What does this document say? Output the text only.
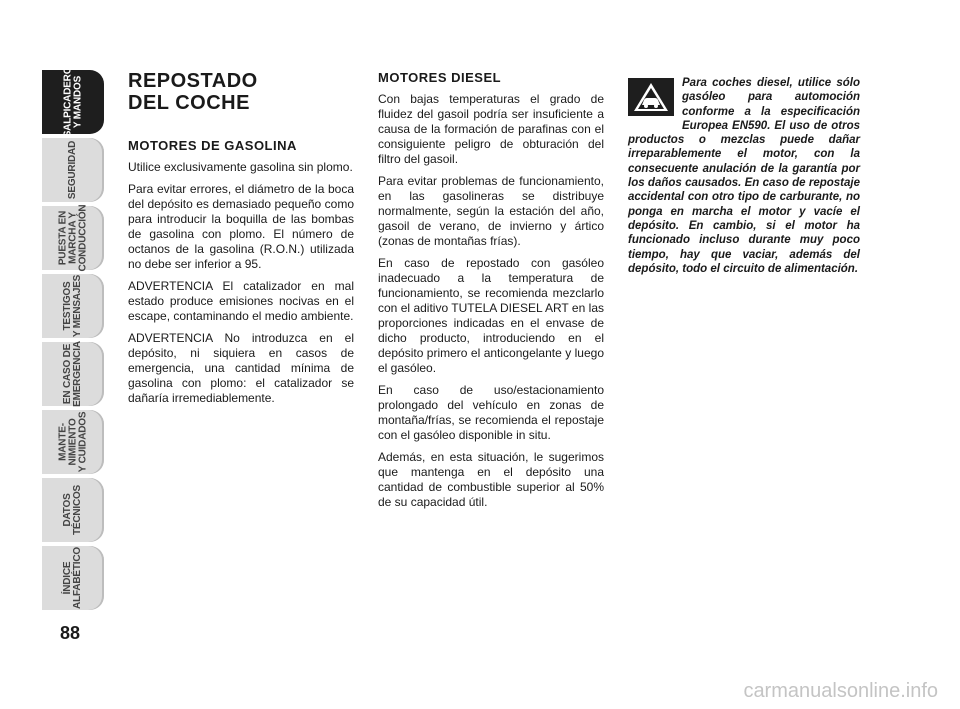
SALPICADERO
Y MANDOS
SEGURIDAD
PUESTA EN
MARCHA Y
CONDUCCIÓN
TESTIGOS
Y MENSAJES
EN CASO DE
EMERGENCIA
MANTE-
NIMIENTO
Y CUIDADOS
DATOS
TÉCNICOS
ÍNDICE
ALFABÉTICO
88
REPOSTADO
DEL COCHE
MOTORES DE GASOLINA

Utilice exclusivamente gasolina sin plomo.

Para evitar errores, el diámetro de la boca del depósito es demasiado pequeño como para introducir la boquilla de las bombas de gasolina con plomo. El número de octanos de la gasolina (R.O.N.) utilizada no debe ser inferior a 95.

ADVERTENCIA El catalizador en mal estado produce emisiones nocivas en el escape, contaminando el medio ambiente.

ADVERTENCIA No introduzca en el depósito, ni siquiera en casos de emergencia, una cantidad mínima de gasolina con plomo: el catalizador se dañaría irremediablemente.

MOTORES DIESEL

Con bajas temperaturas el grado de fluidez del gasoil podría ser insuficiente a causa de la formación de parafinas con el consiguiente peligro de obturación del filtro del gasoil.

Para evitar problemas de funcionamiento, en las gasolineras se distribuye normalmente, según la estación del año, gasoil de verano, de invierno y ártico (zonas de montañas frías).

En caso de repostado con gasóleo inadecuado a la temperatura de funcionamiento, se recomienda mezclarlo con el aditivo TUTELA DIESEL ART en las proporciones indicadas en el envase de dicho producto, introduciendo en el depósito primero el anticongelante y luego el gasóleo.

En caso de uso/estacionamiento prolongado del vehículo en zonas de montaña/frías, se recomienda el repostaje con el gasóleo disponible in situ.

Además, en esta situación, le sugerimos que mantenga en el depósito una cantidad de combustible superior al 50% de su capacidad útil.

Para coches diesel, utilice sólo gasóleo para automoción conforme a la especificación Europea EN590. El uso de otros productos o mezclas puede dañar irreparablemente el motor, con la consecuente anulación de la garantía por los daños causados. En caso de repostaje accidental con otro tipo de carburante, no ponga en marcha el motor y vacíe el depósito. En cambio, si el motor ha funcionado incluso durante muy poco tiempo, hay que vaciar, además del depósito, todo el circuito de alimentación.

carmanualsonline.info
